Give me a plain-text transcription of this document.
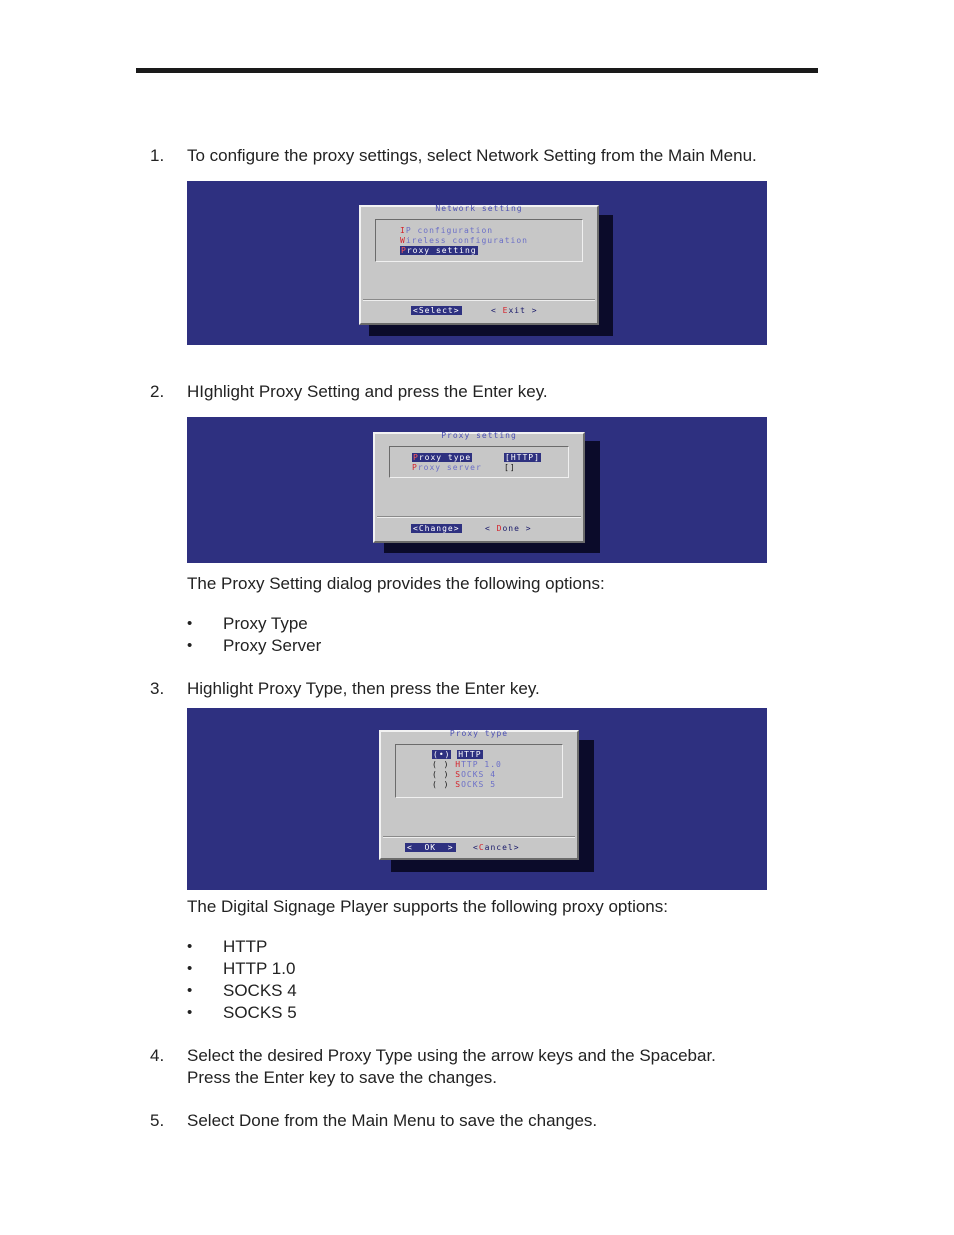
1. To configure the proxy settings, select Network Setting from the Main Menu.
Network setting
IP configuration
Wireless configuration
Proxy setting
<Select>	< Exit >
2. HIghlight Proxy Setting and press the Enter key.
Proxy setting
Proxy type	[HTTP]
Proxy server	[]
<Change>	< Done >
The Proxy Setting dialog provides the following options:
• Proxy Type
• Proxy Server
3. Highlight Proxy Type, then press the Enter key.
Proxy type
(•) HTTP
( ) HTTP 1.0
( ) SOCKS 4
( ) SOCKS 5
<  OK  > <Cancel>
The Digital Signage Player supports the following proxy options:
• HTTP
• HTTP 1.0
• SOCKS 4
• SOCKS 5
4. Select the desired Proxy Type using the arrow keys and the Spacebar.
Press the Enter key to save the changes.
5. Select Done from the Main Menu to save the changes.
